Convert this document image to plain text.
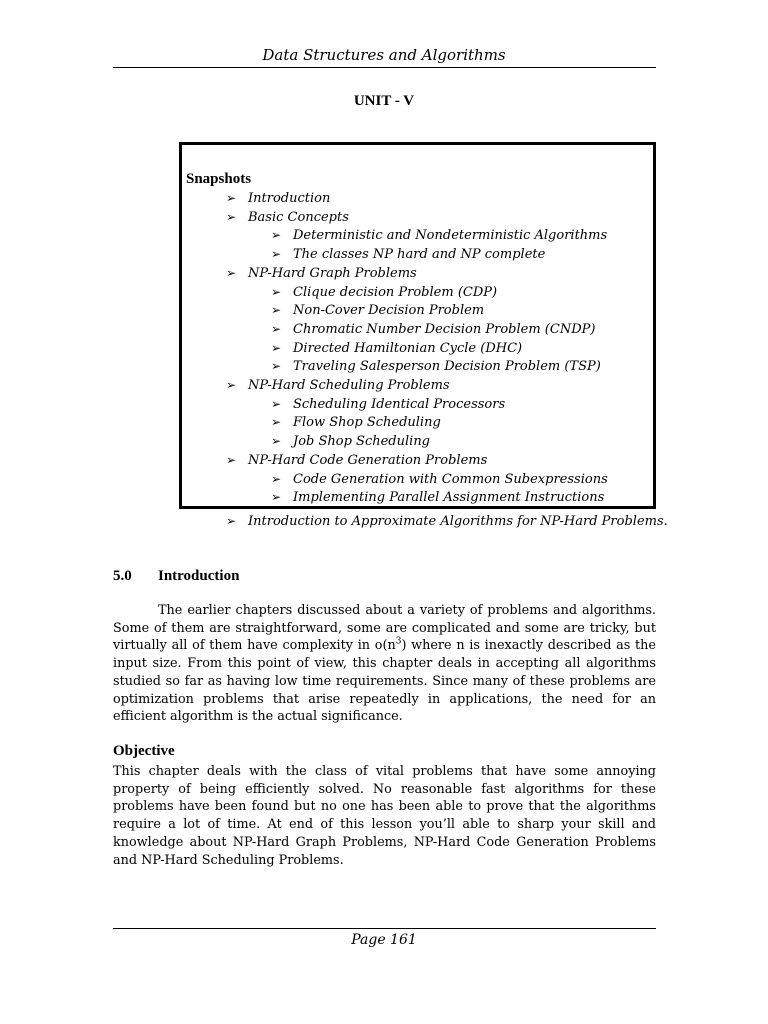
Data Structures and Algorithms
UNIT - V
Snapshots
➢ Introduction
➢ Basic Concepts
➢ Deterministic and Nondeterministic Algorithms
➢ The classes NP hard and NP complete
➢ NP-Hard Graph Problems
➢ Clique decision Problem (CDP)
➢ Non-Cover Decision Problem
➢ Chromatic Number Decision Problem (CNDP)
➢ Directed Hamiltonian Cycle (DHC)
➢ Traveling Salesperson Decision Problem (TSP)
➢ NP-Hard Scheduling Problems
➢ Scheduling Identical Processors
➢ Flow Shop Scheduling
➢ Job Shop Scheduling
➢ NP-Hard Code Generation Problems
➢ Code Generation with Common Subexpressions
➢ Implementing Parallel Assignment Instructions
➢ Introduction to Approximate Algorithms for NP-Hard Problems.
5.0 Introduction
The earlier chapters discussed about a variety of problems and algorithms. Some of them are straightforward, some are complicated and some are tricky, but virtually all of them have complexity in $o(n^3)$ where n is inexactly described as the input size. From this point of view, this chapter deals in accepting all algorithms studied so far as having low time requirements. Since many of these problems are optimization problems that arise repeatedly in applications, the need for an efficient algorithm is the actual significance.
Objective
This chapter deals with the class of vital problems that have some annoying property of being efficiently solved. No reasonable fast algorithms for these problems have been found but no one has been able to prove that the algorithms require a lot of time. At end of this lesson you’ll able to sharp your skill and knowledge about NP-Hard Graph Problems, NP-Hard Code Generation Problems and NP-Hard Scheduling Problems.
Page 161
